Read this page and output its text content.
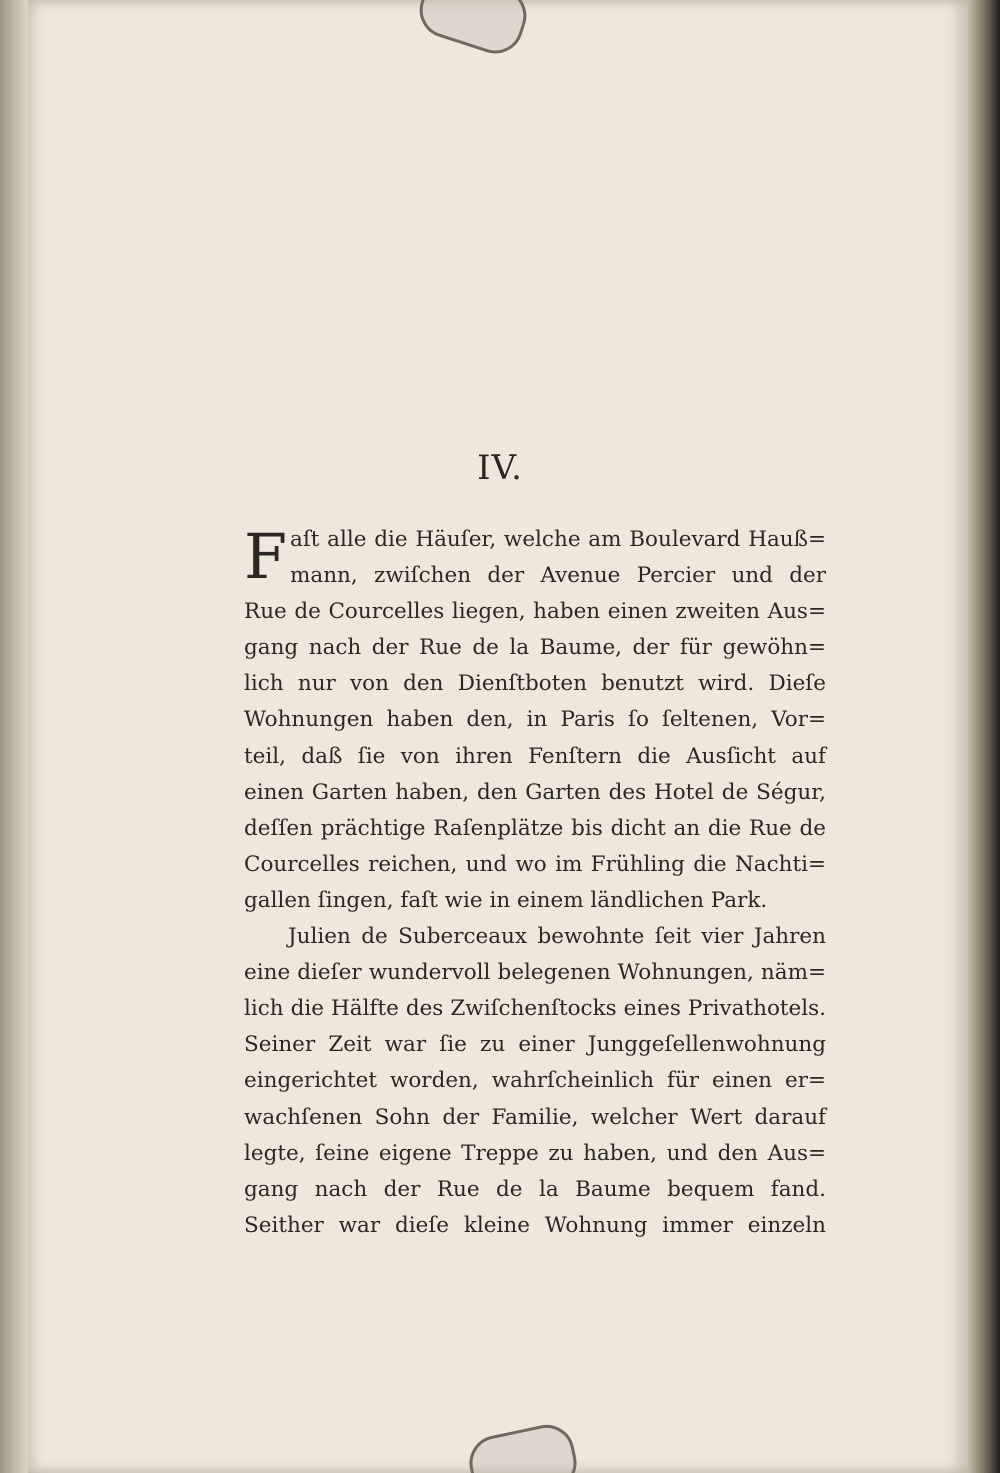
IV.
F aſt alle die Häuſer, welche am Boulevard Hauß=
mann, zwiſchen der Avenue Percier und der
Rue de Courcelles liegen, haben einen zweiten Aus=
gang nach der Rue de la Baume, der für gewöhn=
lich nur von den Dienſtboten benutzt wird. Dieſe
Wohnungen haben den, in Paris ſo ſeltenen, Vor=
teil, daß ſie von ihren Fenſtern die Ausſicht auf
einen Garten haben, den Garten des Hotel de Ségur,
deſſen prächtige Raſenplätze bis dicht an die Rue de
Courcelles reichen, und wo im Frühling die Nachti=
gallen ſingen, faſt wie in einem ländlichen Park.
Julien de Suberceaux bewohnte ſeit vier Jahren
eine dieſer wundervoll belegenen Wohnungen, näm=
lich die Hälfte des Zwiſchenſtocks eines Privathotels.
Seiner Zeit war ſie zu einer Junggeſellenwohnung
eingerichtet worden, wahrſcheinlich für einen er=
wachſenen Sohn der Familie, welcher Wert darauf
legte, ſeine eigene Treppe zu haben, und den Aus=
gang nach der Rue de la Baume bequem fand.
Seither war dieſe kleine Wohnung immer einzeln
